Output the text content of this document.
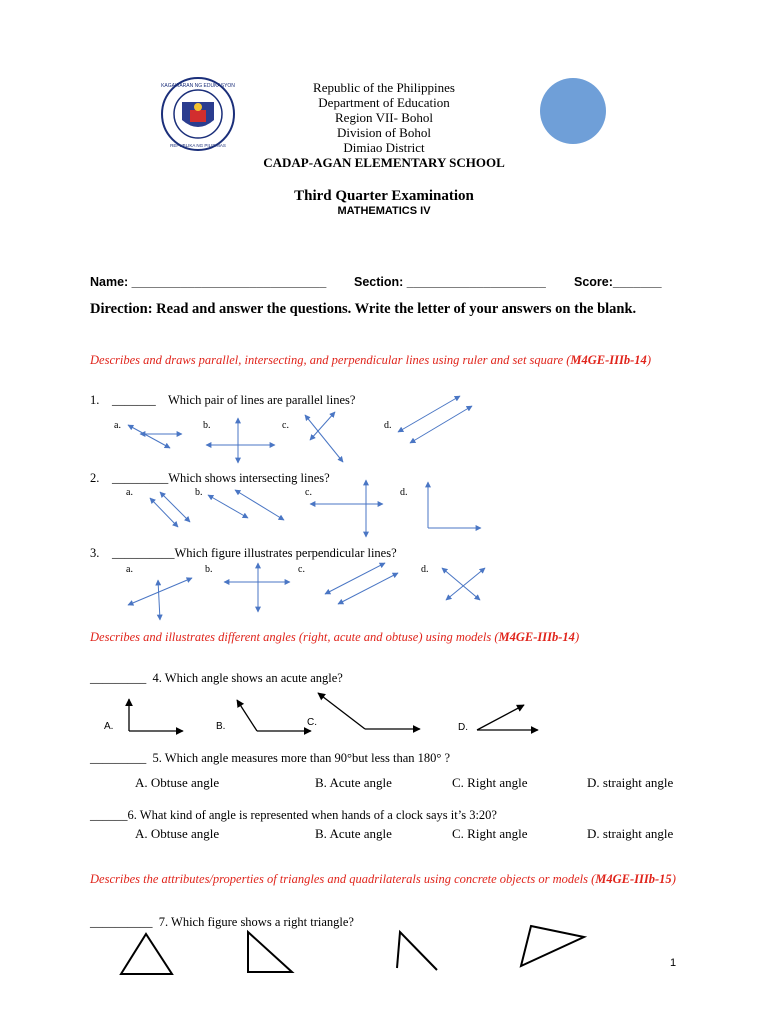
KAGAWARAN NG EDUKASYON
REPUBLIKA NG PILIPINAS
Republic of the Philippines
Department of Education
Region VII- Bohol
Division of Bohol
Dimiao District
CADAP-AGAN ELEMENTARY SCHOOL
Third Quarter Examination
MATHEMATICS IV
Name: ____________________________ Section: ____________________ Score:_______
Direction: Read and answer the questions. Write the letter of your answers on the blank.
Describes and draws parallel, intersecting, and perpendicular lines using ruler and set square (M4GE-IIIb-14)
1. _______ Which pair of lines are parallel lines?
a.	b.	c.	d.
2. _________Which shows intersecting lines?
a.	b.	c.	d.
3. __________Which figure illustrates perpendicular lines?
a.	b.	c.	d.
Describes and illustrates different angles (right, acute and obtuse) using models (M4GE-IIIb-14)
_________  4. Which angle shows an acute angle?
A.	B.	C.	D.
_________  5. Which angle measures more than 90°but less than 180° ?
A. Obtuse angle	B. Acute angle	C. Right angle	D. straight angle
______6. What kind of angle is represented when hands of a clock says it’s 3:20?
A. Obtuse angle	B. Acute angle	C. Right angle	D. straight angle
Describes the attributes/properties of triangles and quadrilaterals using concrete objects or models (M4GE-IIIb-15)
__________  7. Which figure shows a right triangle?
1
